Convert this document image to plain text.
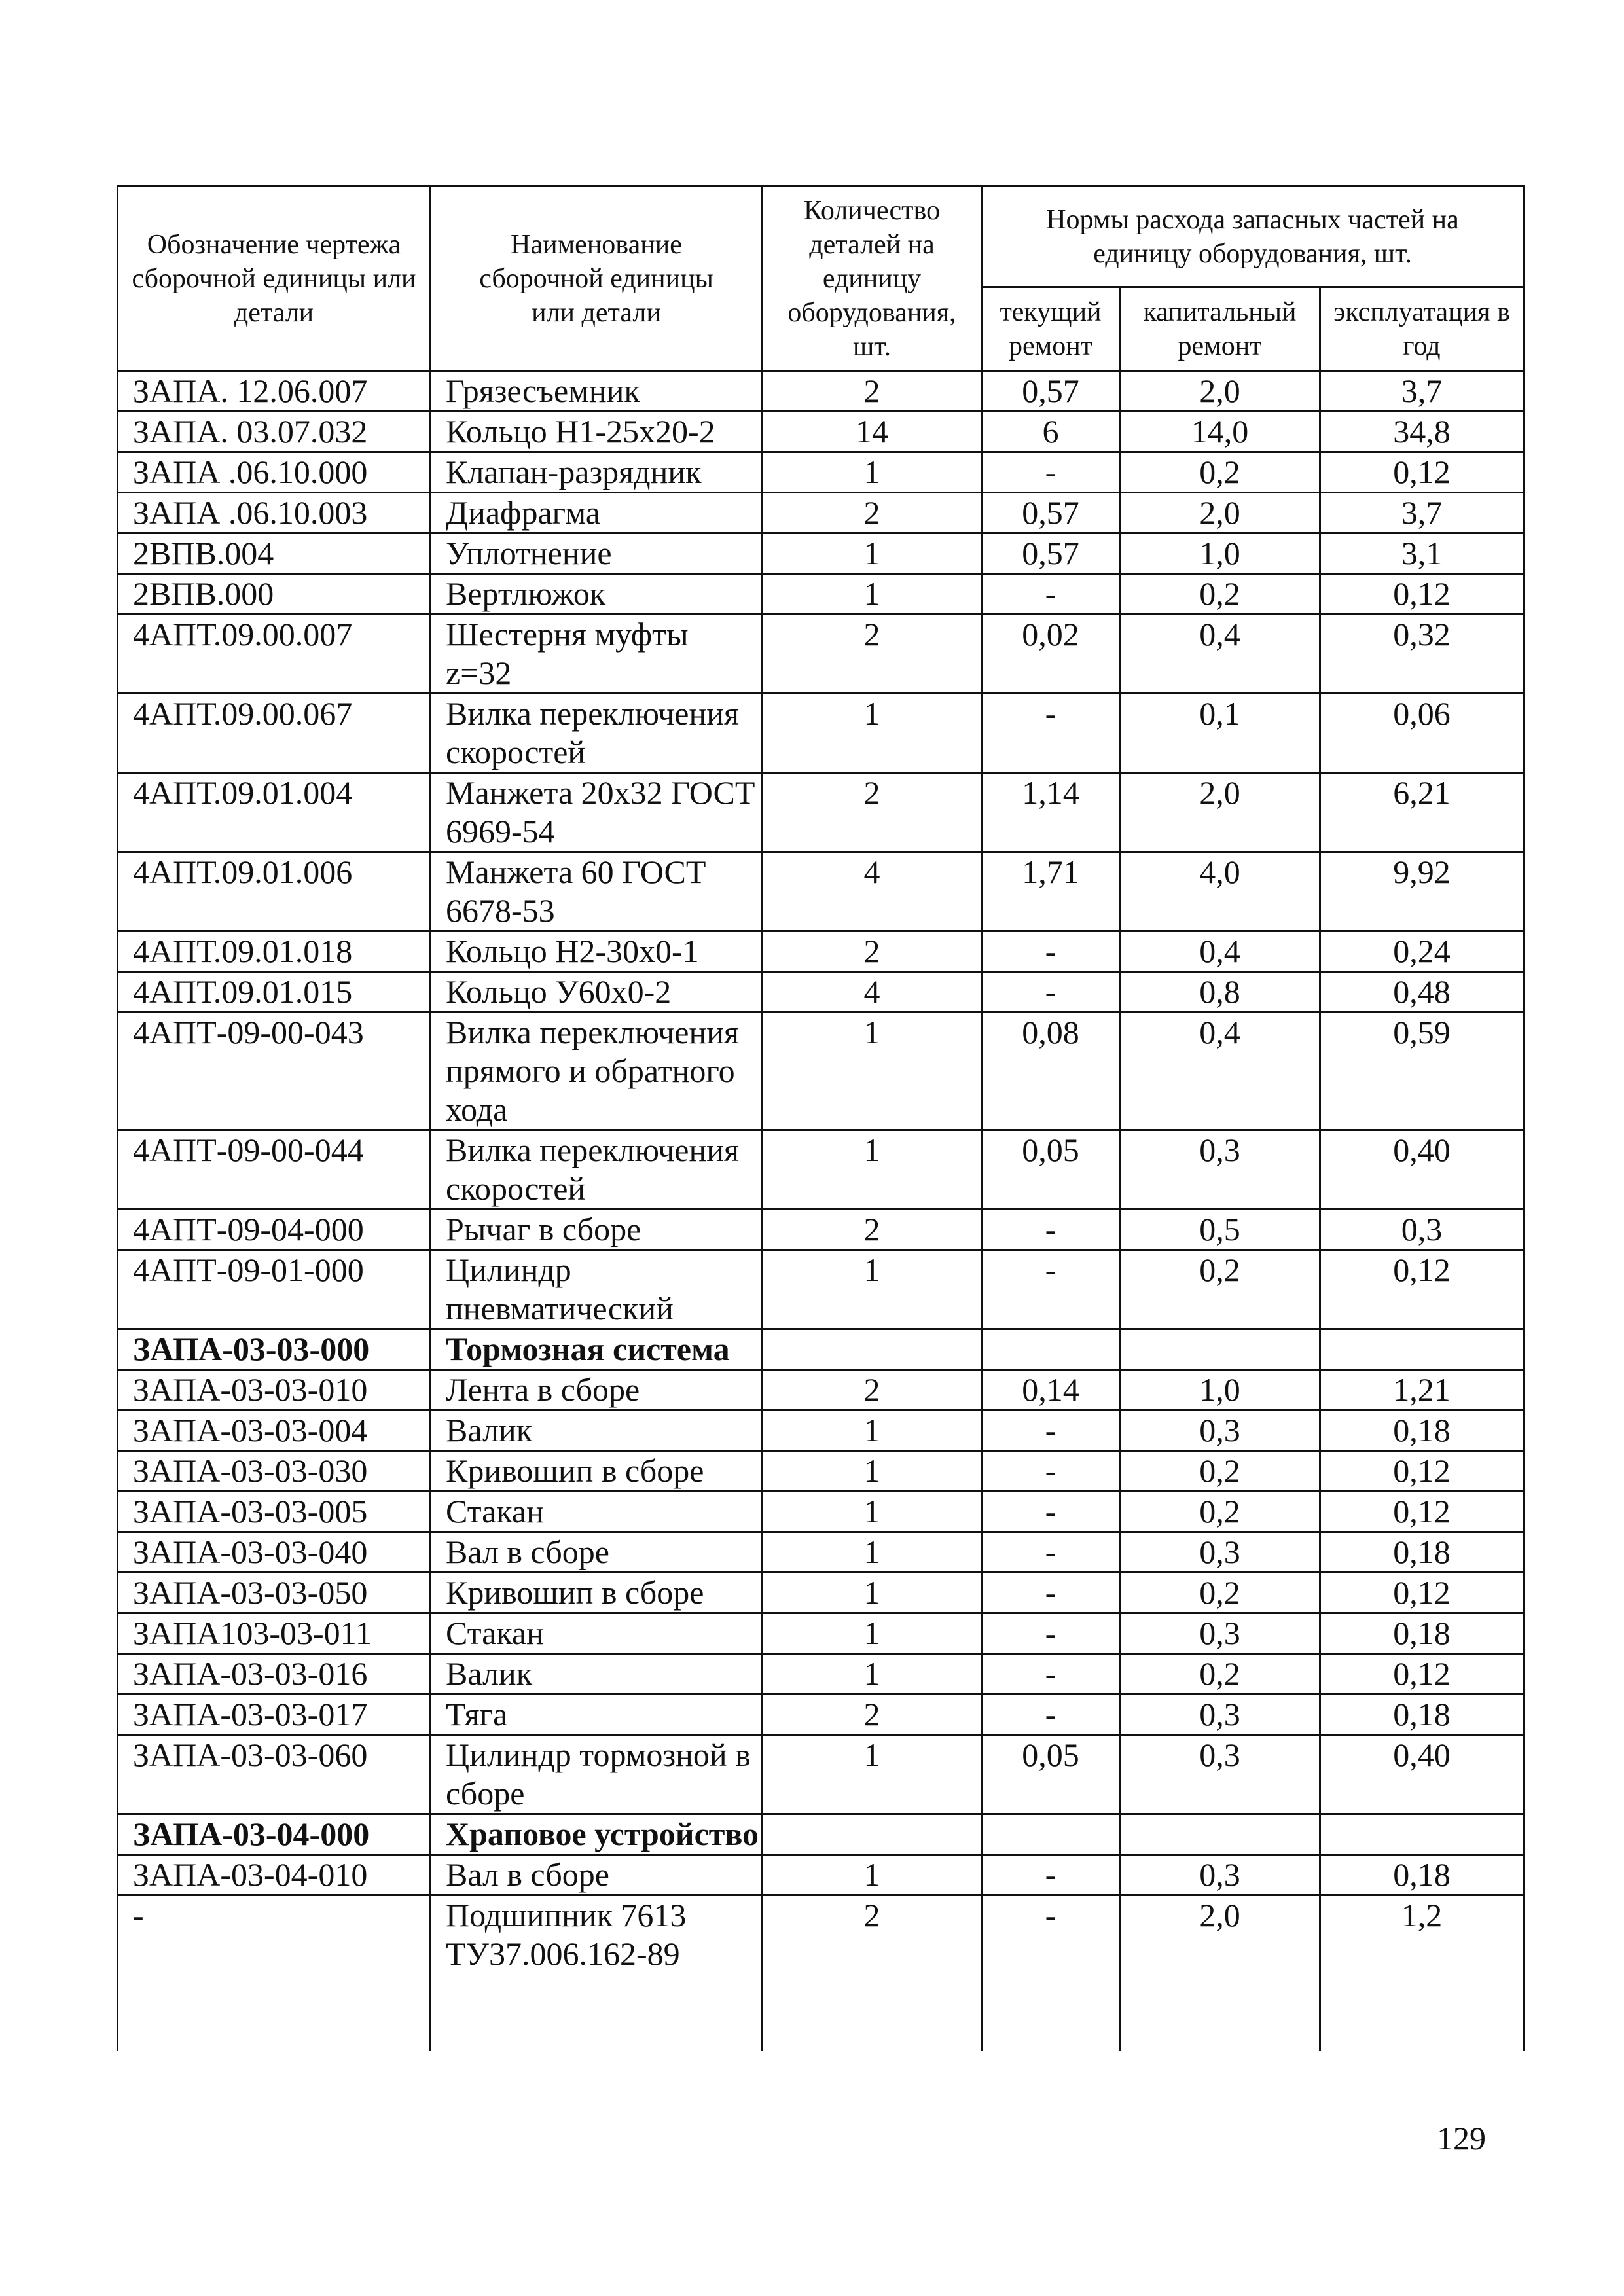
Обозначение чертежа сборочной единицы или детали	Наименование сборочной единицы или детали	Количество деталей на единицу оборудования, шт.	Нормы расхода запасных частей на единицу оборудования, шт.		
			текущий ремонт	капитальный ремонт	эксплуатация в год
ЗАПА. 12.06.007	Грязесъемник	2	0,57	2,0	3,7
ЗАПА. 03.07.032	Кольцо Н1-25х20-2	14	6	14,0	34,8
ЗАПА .06.10.000	Клапан-разрядник	1	-	0,2	0,12
ЗАПА .06.10.003	Диафрагма	2	0,57	2,0	3,7
2ВПВ.004	Уплотнение	1	0,57	1,0	3,1
2ВПВ.000	Вертлюжок	1	-	0,2	0,12
4АПТ.09.00.007	Шестерня муфты z=32	2	0,02	0,4	0,32
4АПТ.09.00.067	Вилка переключения скоростей	1	-	0,1	0,06
4АПТ.09.01.004	Манжета 20х32 ГОСТ 6969-54	2	1,14	2,0	6,21
4АПТ.09.01.006	Манжета 60 ГОСТ 6678-53	4	1,71	4,0	9,92
4АПТ.09.01.018	Кольцо Н2-30х0-1	2	-	0,4	0,24
4АПТ.09.01.015	Кольцо У60х0-2	4	-	0,8	0,48
4АПТ-09-00-043	Вилка переключения прямого и обратного хода	1	0,08	0,4	0,59
4АПТ-09-00-044	Вилка переключения скоростей	1	0,05	0,3	0,40
4АПТ-09-04-000	Рычаг в сборе	2	-	0,5	0,3
4АПТ-09-01-000	Цилиндр пневматический	1	-	0,2	0,12
ЗАПА-03-03-000	Тормозная система				
ЗАПА-03-03-010	Лента в сборе	2	0,14	1,0	1,21
ЗАПА-03-03-004	Валик	1	-	0,3	0,18
ЗАПА-03-03-030	Кривошип в сборе	1	-	0,2	0,12
ЗАПА-03-03-005	Стакан	1	-	0,2	0,12
ЗАПА-03-03-040	Вал в сборе	1	-	0,3	0,18
ЗАПА-03-03-050	Кривошип в сборе	1	-	0,2	0,12
ЗАПА103-03-011	Стакан	1	-	0,3	0,18
ЗАПА-03-03-016	Валик	1	-	0,2	0,12
ЗАПА-03-03-017	Тяга	2	-	0,3	0,18
ЗАПА-03-03-060	Цилиндр тормозной в сборе	1	0,05	0,3	0,40
ЗАПА-03-04-000	Храповое устройство				
ЗАПА-03-04-010	Вал в сборе	1	-	0,3	0,18
-	Подшипник 7613 ТУ37.006.162-89	2	-	2,0	1,2
129
